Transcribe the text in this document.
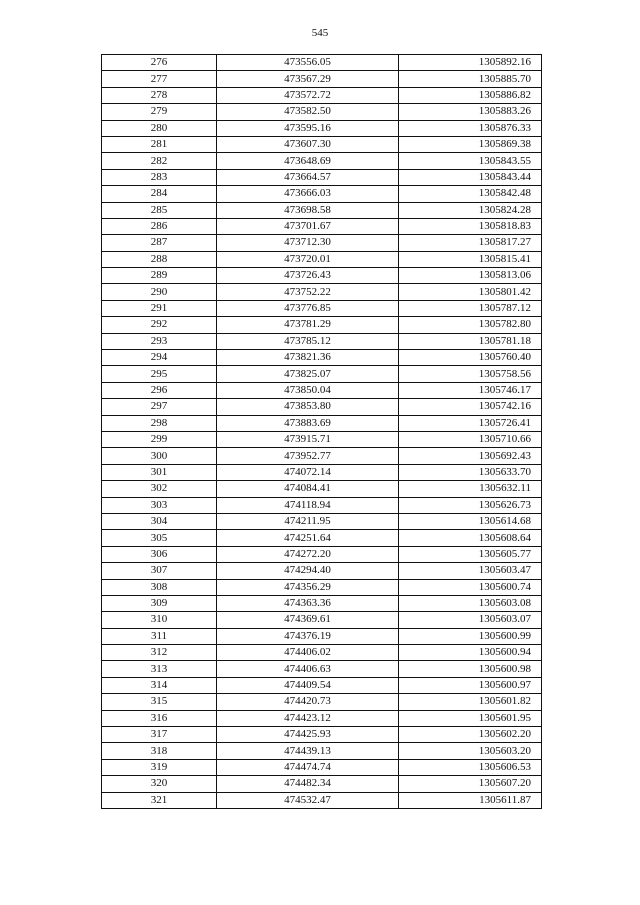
545
276	473556.05	1305892.16
277	473567.29	1305885.70
278	473572.72	1305886.82
279	473582.50	1305883.26
280	473595.16	1305876.33
281	473607.30	1305869.38
282	473648.69	1305843.55
283	473664.57	1305843.44
284	473666.03	1305842.48
285	473698.58	1305824.28
286	473701.67	1305818.83
287	473712.30	1305817.27
288	473720.01	1305815.41
289	473726.43	1305813.06
290	473752.22	1305801.42
291	473776.85	1305787.12
292	473781.29	1305782.80
293	473785.12	1305781.18
294	473821.36	1305760.40
295	473825.07	1305758.56
296	473850.04	1305746.17
297	473853.80	1305742.16
298	473883.69	1305726.41
299	473915.71	1305710.66
300	473952.77	1305692.43
301	474072.14	1305633.70
302	474084.41	1305632.11
303	474118.94	1305626.73
304	474211.95	1305614.68
305	474251.64	1305608.64
306	474272.20	1305605.77
307	474294.40	1305603.47
308	474356.29	1305600.74
309	474363.36	1305603.08
310	474369.61	1305603.07
311	474376.19	1305600.99
312	474406.02	1305600.94
313	474406.63	1305600.98
314	474409.54	1305600.97
315	474420.73	1305601.82
316	474423.12	1305601.95
317	474425.93	1305602.20
318	474439.13	1305603.20
319	474474.74	1305606.53
320	474482.34	1305607.20
321	474532.47	1305611.87
